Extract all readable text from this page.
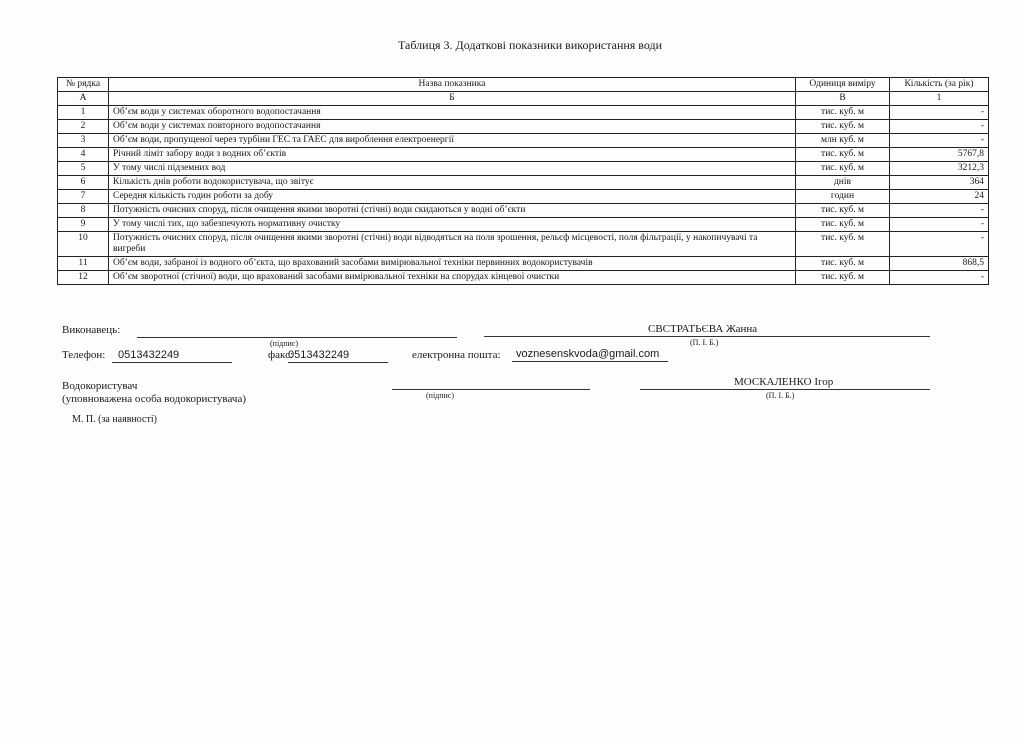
Таблиця 3. Додаткові показники використання води
№ рядка	Назва показника	Одиниця виміру	Кількість (за рік)
А	Б	В	1
1	Об’єм води у системах оборотного водопостачання	тис. куб. м	-
2	Об’єм води у системах повторного водопостачання	тис. куб. м	-
3	Об’єм води, пропущеної через турбіни ГЕС та ГАЕС для вироблення електроенергії	млн куб. м	-
4	Річний ліміт забору води з водних об’єктів	тис. куб. м	5767,8
5	У тому числі підземних вод	тис. куб. м	3212,3
6	Кількість днів роботи водокористувача, що звітує	днів	364
7	Середня кількість годин роботи за добу	годин	24
8	Потужність очисних споруд, після очищення якими зворотні (стічні) води скидаються у водні об’єкти	тис. куб. м	-
9	У тому числі тих, що забезпечують нормативну очистку	тис. куб. м	-
10	Потужність очисних споруд, після очищення якими зворотні (стічні) води відводяться на поля зрошення, рельєф місцевості, поля фільтрації, у накопичувачі та вигреби	тис. куб. м	-
11	Об’єм води, забраної із водного об’єкта, що врахований засобами вимірювальної техніки первинних водокористувачів	тис. куб. м	868,5
12	Об’єм зворотної (стічної) води, що врахований засобами вимірювальної техніки на спорудах кінцевої очистки	тис. куб. м	-
Виконавець:
(підпис)
СВСТРАТЬЄВА Жанна
(П. І. Б.)
Телефон: 0513432249	факс:
0513432249	електронна пошта: voznesenskvoda@gmail.com
Водокористувач
(уповноважена особа водокористувача)	(підпис)
МОСКАЛЕНКО Ігор
(П. І. Б.)
М. П. (за наявності)
